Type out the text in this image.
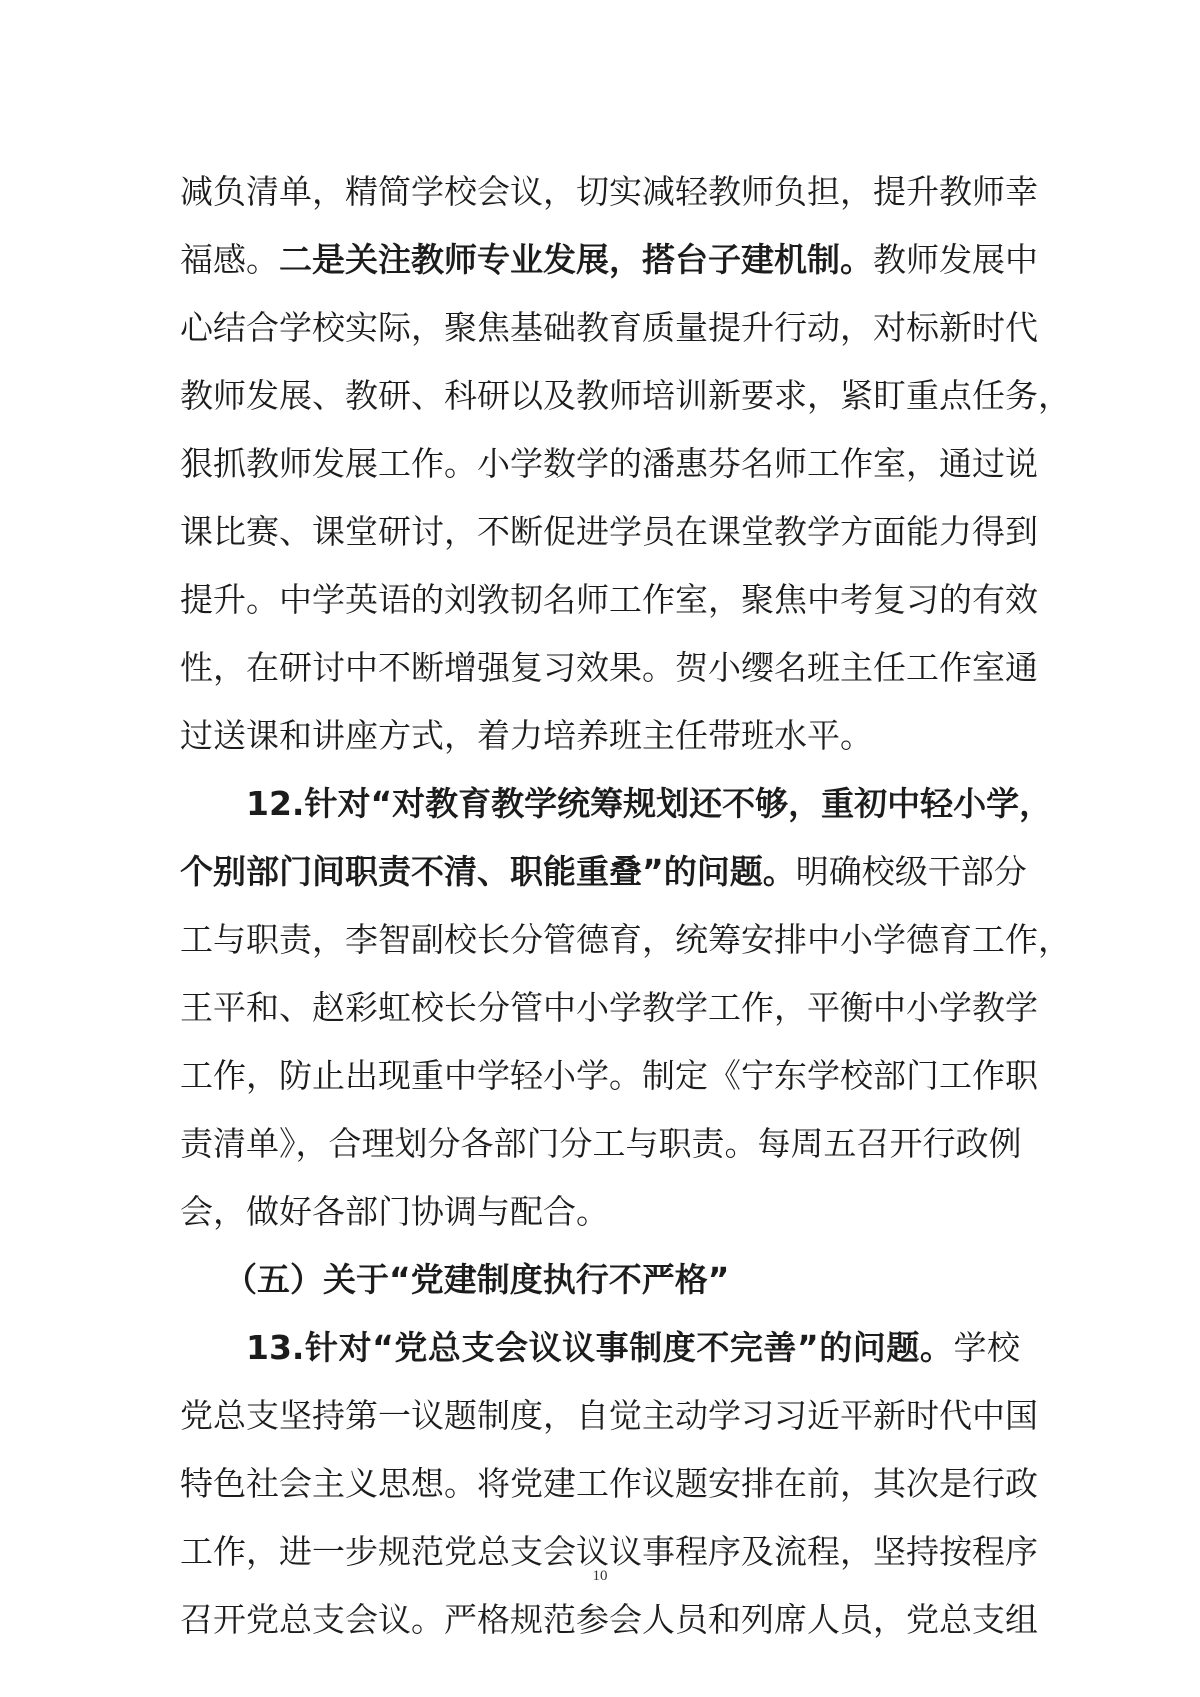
减负清单，精简学校会议，切实减轻教师负担，提升教师幸
福感。二是关注教师专业发展，搭台子建机制。教师发展中
心结合学校实际，聚焦基础教育质量提升行动，对标新时代
教师发展、教研、科研以及教师培训新要求，紧盯重点任务，
狠抓教师发展工作。小学数学的潘惠芬名师工作室，通过说
课比赛、课堂研讨，不断促进学员在课堂教学方面能力得到
提升。中学英语的刘敩韧名师工作室，聚焦中考复习的有效
性，在研讨中不断增强复习效果。贺小缨名班主任工作室通
过送课和讲座方式，着力培养班主任带班水平。
12.针对“对教育教学统筹规划还不够，重初中轻小学，
个别部门间职责不清、职能重叠”的问题。明确校级干部分
工与职责，李智副校长分管德育，统筹安排中小学德育工作，
王平和、赵彩虹校长分管中小学教学工作，平衡中小学教学
工作，防止出现重中学轻小学。制定《宁东学校部门工作职
责清单》，合理划分各部门分工与职责。每周五召开行政例
会，做好各部门协调与配合。
（五）关于“党建制度执行不严格”
13.针对“党总支会议议事制度不完善”的问题。学校
党总支坚持第一议题制度，自觉主动学习习近平新时代中国
特色社会主义思想。将党建工作议题安排在前，其次是行政
工作，进一步规范党总支会议议事程序及流程，坚持按程序
召开党总支会议。严格规范参会人员和列席人员，党总支组
10
